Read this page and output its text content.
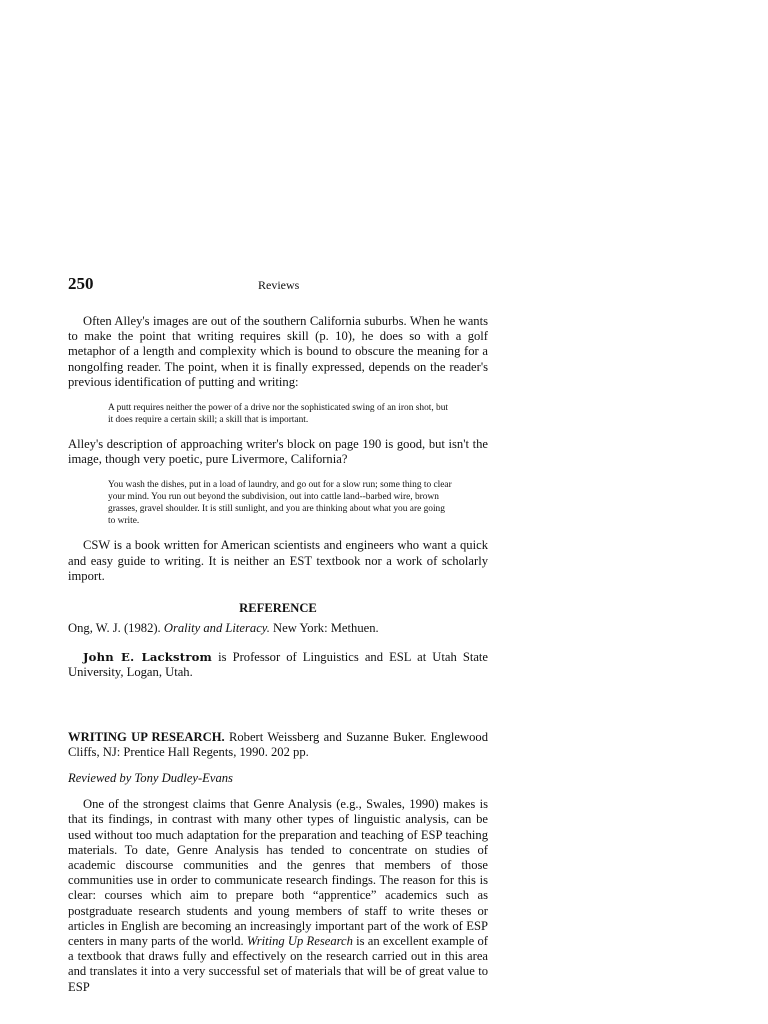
250	Reviews

Often Alley's images are out of the southern California suburbs. When he wants to make the point that writing requires skill (p. 10), he does so with a golf metaphor of a length and complexity which is bound to obscure the meaning for a nongolfing reader. The point, when it is finally expressed, depends on the reader's previous identification of putting and writing:

A putt requires neither the power of a drive nor the sophisticated swing of an iron shot, but it does require a certain skill; a skill that is important.

Alley's description of approaching writer's block on page 190 is good, but isn't the image, though very poetic, pure Livermore, California?

You wash the dishes, put in a load of laundry, and go out for a slow run; some thing to clear your mind. You run out beyond the subdivision, out into cattle land--barbed wire, brown grasses, gravel shoulder. It is still sunlight, and you are thinking about what you are going to write.

CSW is a book written for American scientists and engineers who want a quick and easy guide to writing. It is neither an EST textbook nor a work of scholarly import.

REFERENCE

Ong, W. J. (1982). Orality and Literacy. New York: Methuen.

John E. Lackstrom is Professor of Linguistics and ESL at Utah State University, Logan, Utah.

WRITING UP RESEARCH. Robert Weissberg and Suzanne Buker. Englewood Cliffs, NJ: Prentice Hall Regents, 1990. 202 pp.

Reviewed by Tony Dudley-Evans

One of the strongest claims that Genre Analysis (e.g., Swales, 1990) makes is that its findings, in contrast with many other types of linguistic analysis, can be used without too much adaptation for the preparation and teaching of ESP teaching materials. To date, Genre Analysis has tended to concentrate on studies of academic discourse communities and the genres that members of those communities use in order to communicate research findings. The reason for this is clear: courses which aim to prepare both “apprentice” academics such as postgraduate research students and young members of staff to write theses or articles in English are becoming an increasingly important part of the work of ESP centers in many parts of the world. Writing Up Research is an excellent example of a textbook that draws fully and effectively on the research carried out in this area and translates it into a very successful set of materials that will be of great value to ESP
